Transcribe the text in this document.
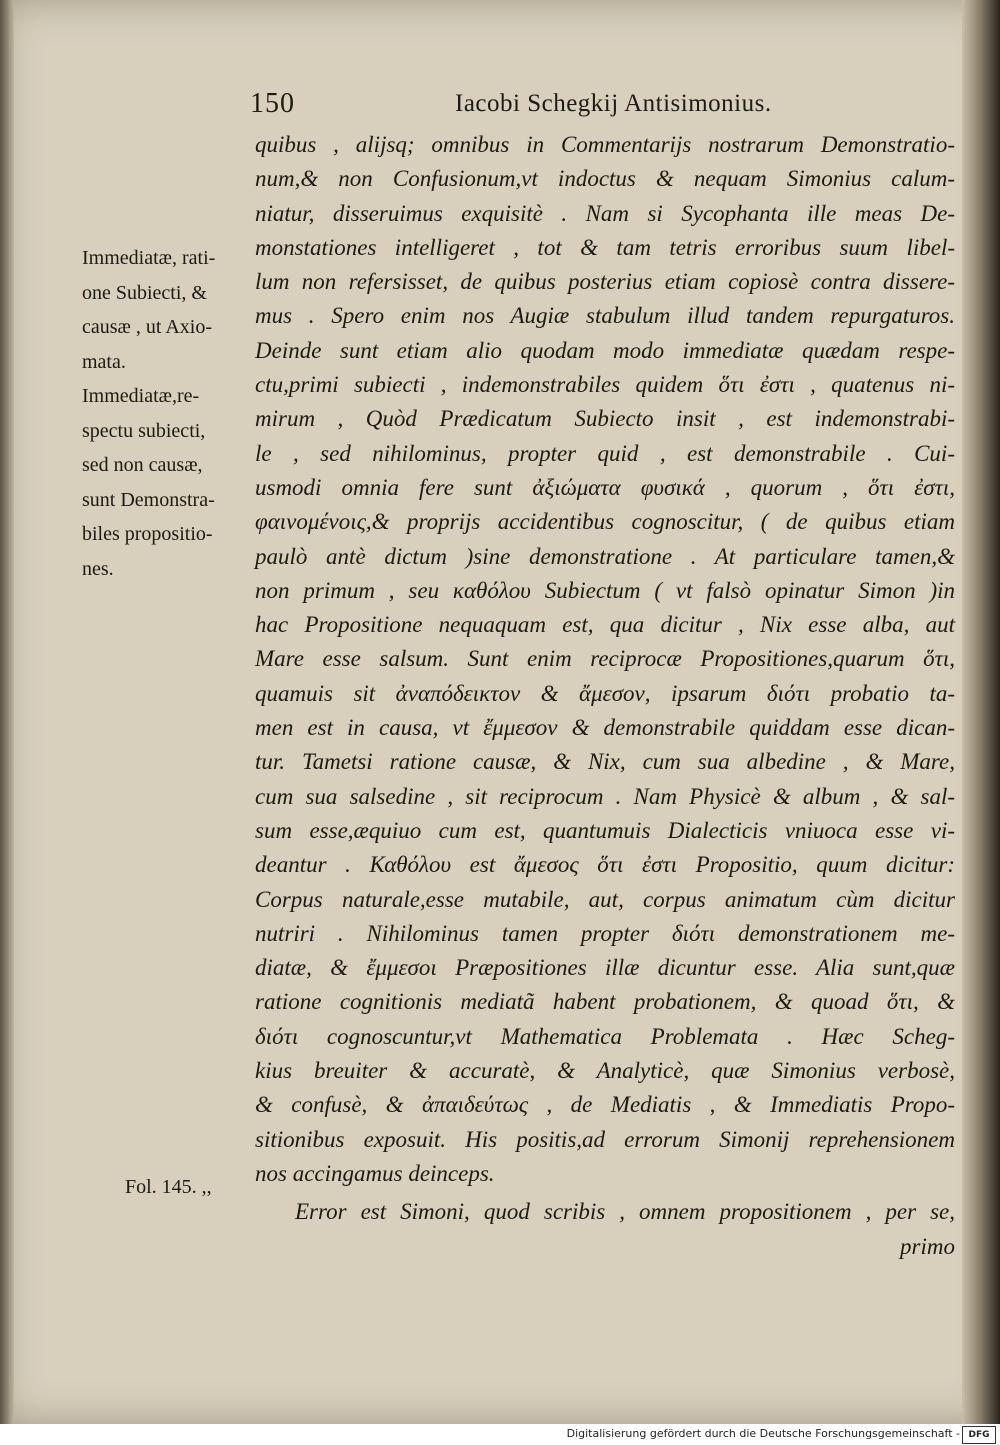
150	Iacobi Schegkij Antisimonius.
Immediatæ, rati-
one Subiecti, &
causæ , ut Axio-
mata.
Immediatæ,re-
spectu subiecti,
sed non causæ,
sunt Demonstra-
biles propositio-
nes.
quibus , alijsq; omnibus in Commentarijs nostrarum Demonstratio-
num,& non Confusionum,vt indoctus & nequam Simonius calum-
niatur, disseruimus exquisitè . Nam si Sycophanta ille meas De-
monstationes intelligeret , tot & tam tetris erroribus suum libel-
lum non refersisset, de quibus posterius etiam copiosè contra dissere-
mus . Spero enim nos Augiæ stabulum illud tandem repurgaturos.
Deinde sunt etiam alio quodam modo immediatæ quædam respe-
ctu,primi subiecti , indemonstrabiles quidem ὅτι ἐστι , quatenus ni-
mirum , Quòd Prædicatum Subiecto insit , est indemonstrabi-
le , sed nihilominus, propter quid , est demonstrabile . Cui-
usmodi omnia fere sunt ἀξιώματα φυσικά , quorum , ὅτι ἐστι,
φαινομένοις,& proprijs accidentibus cognoscitur, ( de quibus etiam
paulò antè dictum )sine demonstratione . At particulare tamen,&
non primum , seu καθόλου Subiectum ( vt falsò opinatur Simon )in
hac Propositione nequaquam est, qua dicitur , Nix esse alba, aut
Mare esse salsum. Sunt enim reciprocæ Propositiones,quarum ὅτι,
quamuis sit ἀναπόδεικτον & ἄμεσον, ipsarum διότι probatio ta-
men est in causa, vt ἔμμεσον & demonstrabile quiddam esse dican-
tur. Tametsi ratione causæ, & Nix, cum sua albedine , & Mare,
cum sua salsedine , sit reciprocum . Nam Physicè & album , & sal-
sum esse,æquiuo cum est, quantumuis Dialecticis vniuoca esse vi-
deantur . Καθόλου est ἄμεσος ὅτι ἐστι Propositio, quum dicitur:
Corpus naturale,esse mutabile, aut, corpus animatum cùm dicitur
nutriri . Nihilominus tamen propter διότι demonstrationem me-
diatæ, & ἔμμεσοι Præpositiones illæ dicuntur esse. Alia sunt,quæ
ratione cognitionis mediatã habent probationem, & quoad ὅτι, &
διότι cognoscuntur,vt Mathematica Problemata . Hæc Scheg-
kius breuiter & accuratè, & Analyticè, quæ Simonius verbosè,
& confusè, & ἀπαιδεύτως , de Mediatis , & Immediatis Propo-
sitionibus exposuit. His positis,ad errorum Simonij reprehensionem
nos accingamus deinceps.
Error est Simoni, quod scribis , omnem propositionem , per se,
primo
Fol. 145. ,,
Digitalisierung gefördert durch die Deutsche Forschungsgemeinschaft - DFG
